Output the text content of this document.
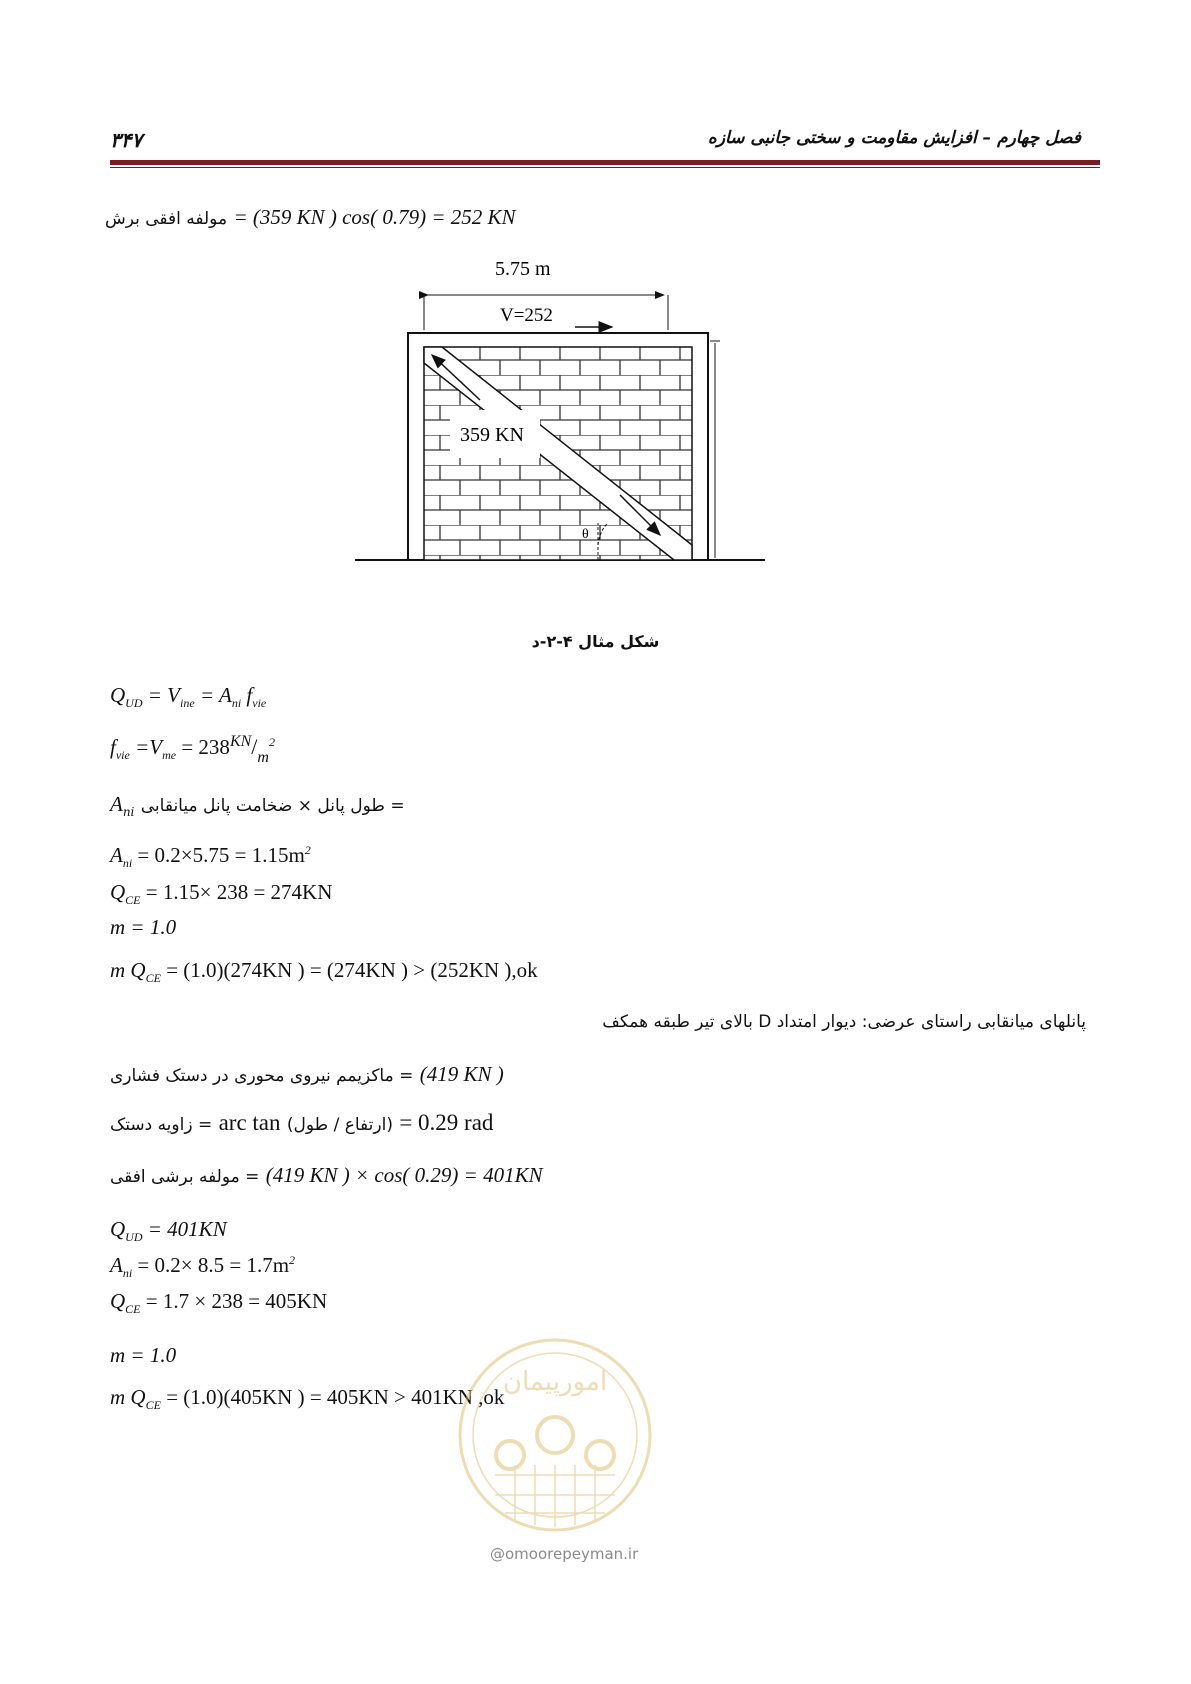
۳۴۷	فصل چهارم – افزایش مقاومت و سختی جانبی سازه
مولفه افقی برش = (359 KN ) cos( 0.79) = 252 KN
359 KN
θ
5.75 m
V=252
شکل مثال ۴-۲-د
$Q_{UD} = V_{ine} = A_{ni}$ $f_{vie}$
$f_{vie} =V_{me} = 238^{KN}/_m^2$
$A_{ni}$ طول پانل × ضخامت پانل میانقابی =
$A_{ni} = 0.2\times 5.75 = 1.15m^2$
$Q_{CE} = 1.15\times 238 = 274KN$
m = 1.0
m $Q_{CE} = (1.0)(274KN$ ) = (274KN ) > (252KN ),ok
پانلهای میانقابی راستای عرضی: دیوار امتداد D بالای تیر طبقه همکف
ماکزیمم نیروی محوری در دستک فشاری = (419 KN )
زاویه دستک = arc tan (ارتفاع / طول) = 0.29 rad
مولفه برشی افقی = (419 KN ) × cos( 0.29) = 401KN
$Q_{UD} = 401KN$
$A_{ni} = 0.2\times 8.5 = 1.7m^2$
$Q_{CE} = 1.7 \times 238 = 405KN$
m = 1.0
m $Q_{CE} = (1.0)(405KN$ ) = 405KN > 401KN ,ok
امورپیمان
@omoorepeyman.ir
